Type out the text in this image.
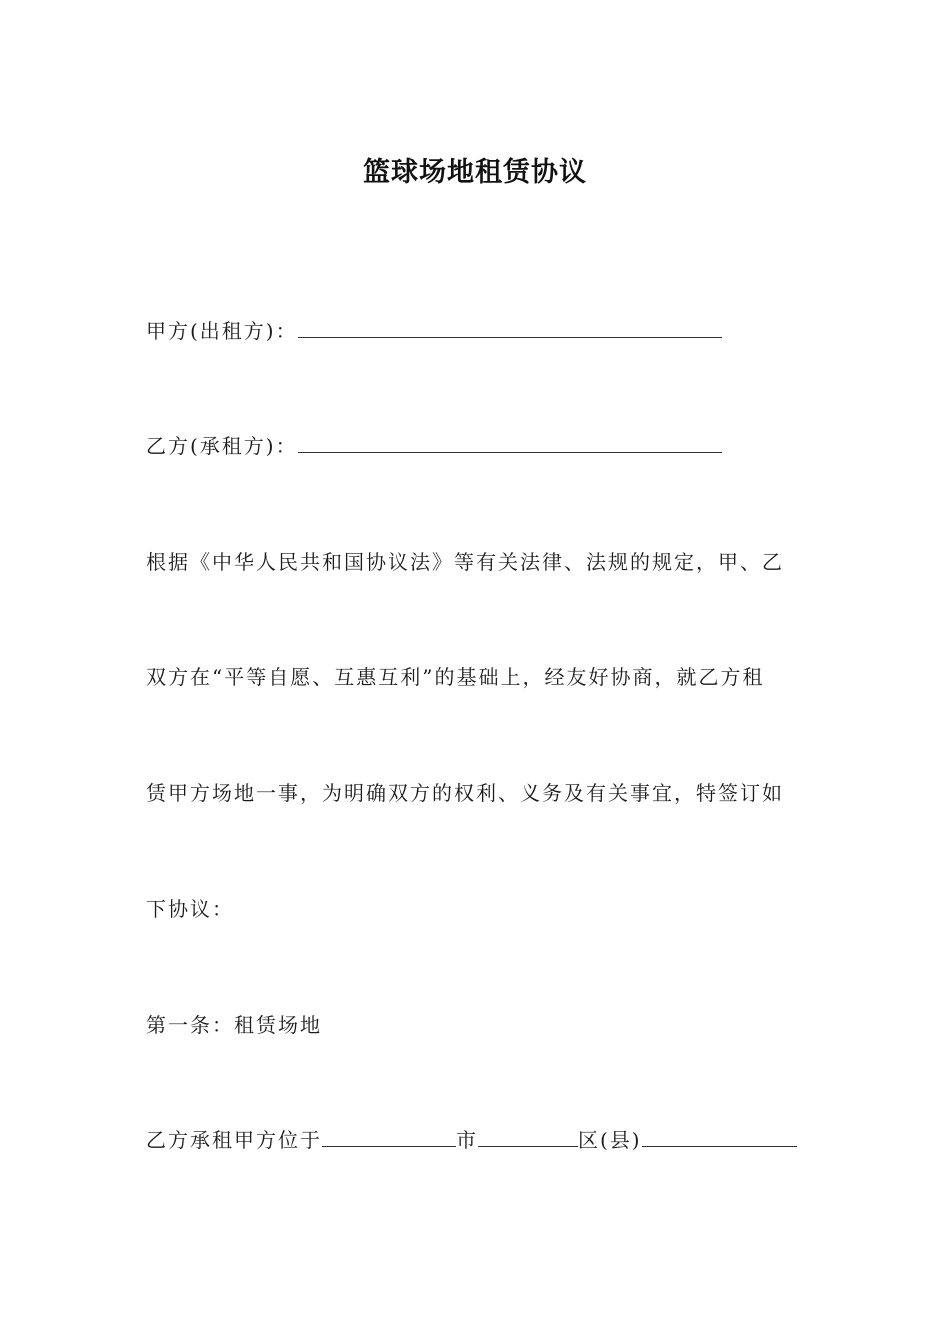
篮球场地租赁协议
甲方(出租方)：
乙方(承租方)：
根据《中华人民共和国协议法》等有关法律、法规的规定，甲、乙
双方在“平等自愿、互惠互利”的基础上，经友好协商，就乙方租
赁甲方场地一事，为明确双方的权利、义务及有关事宜，特签订如
下协议：
第一条：租赁场地
乙方承租甲方位于	市	区(县)
